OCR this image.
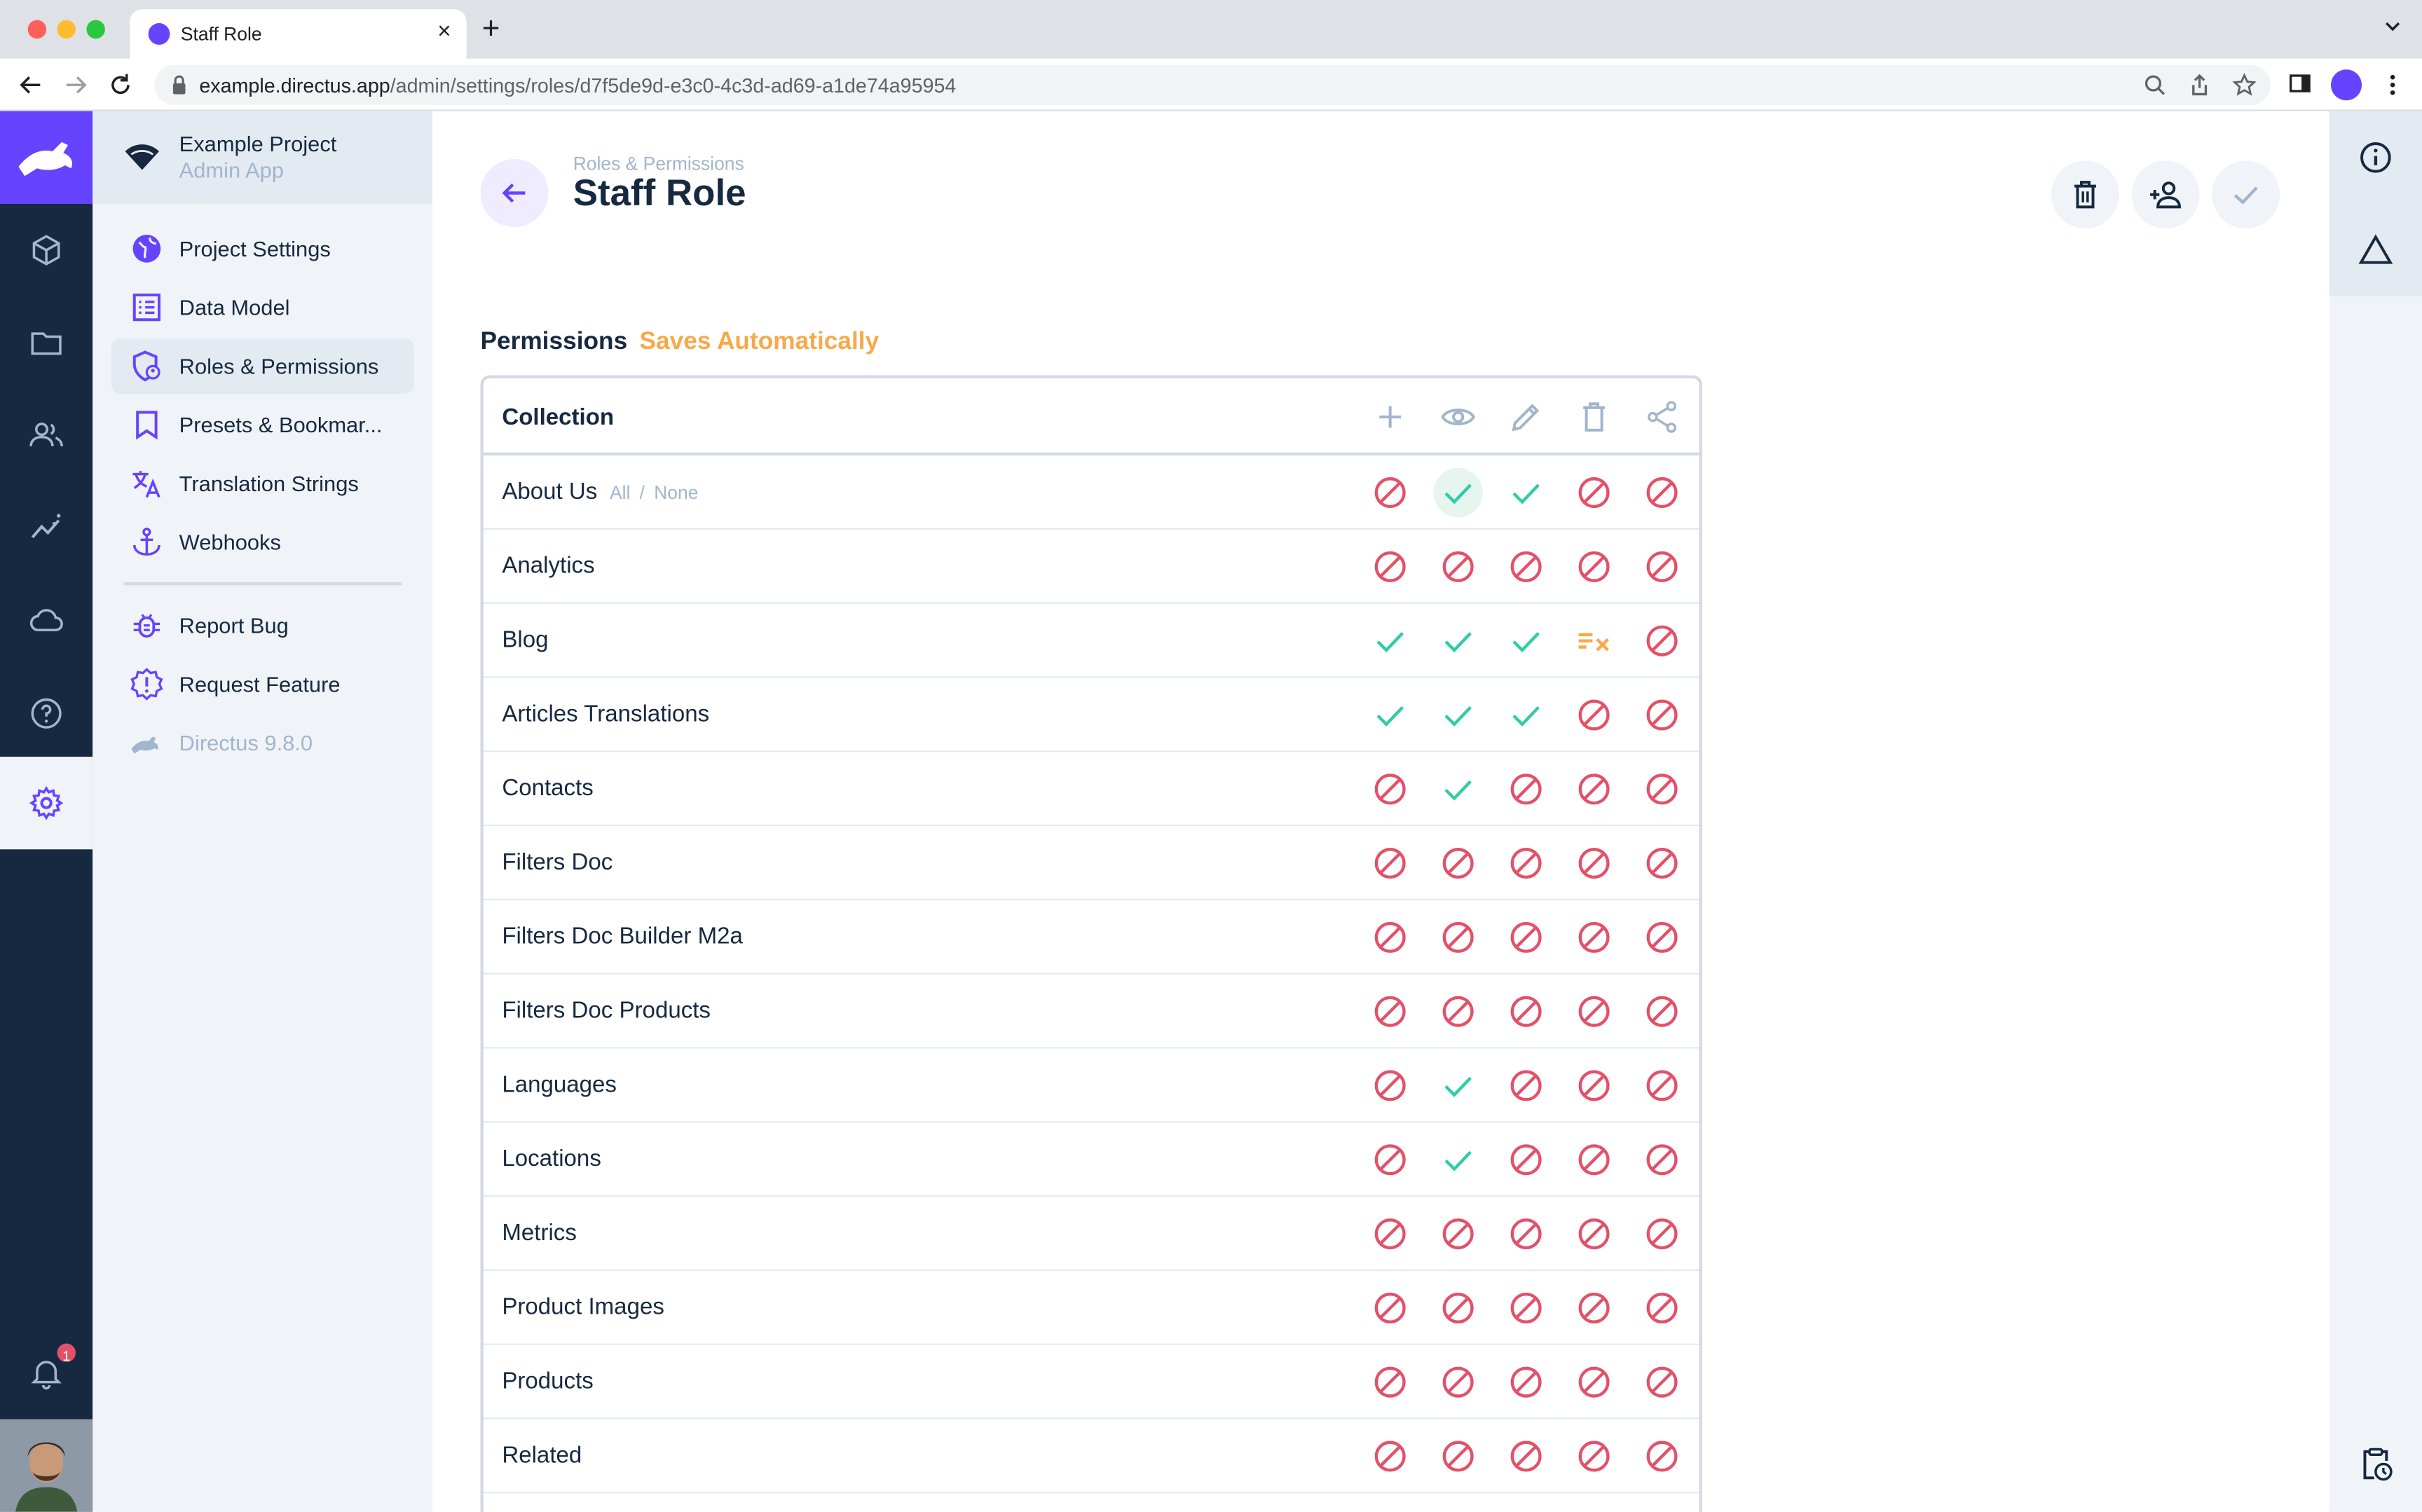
Staff Role	× +
example.directus.app/admin/settings/roles/d7f5de9d-e3c0-4c3d-ad69-a1de74a95954
1
Example Project
Admin App
Project Settings
Data Model
Roles & Permissions
Presets & Bookmar...
Translation Strings
Webhooks
Report Bug
Request Feature
Directus 9.8.0
Roles & Permissions
Staff Role
Permissions Saves Automatically
Collection
About Us All / None
Analytics
Blog
Articles Translations
Contacts
Filters Doc
Filters Doc Builder M2a
Filters Doc Products
Languages
Locations
Metrics
Product Images
Products
Related
